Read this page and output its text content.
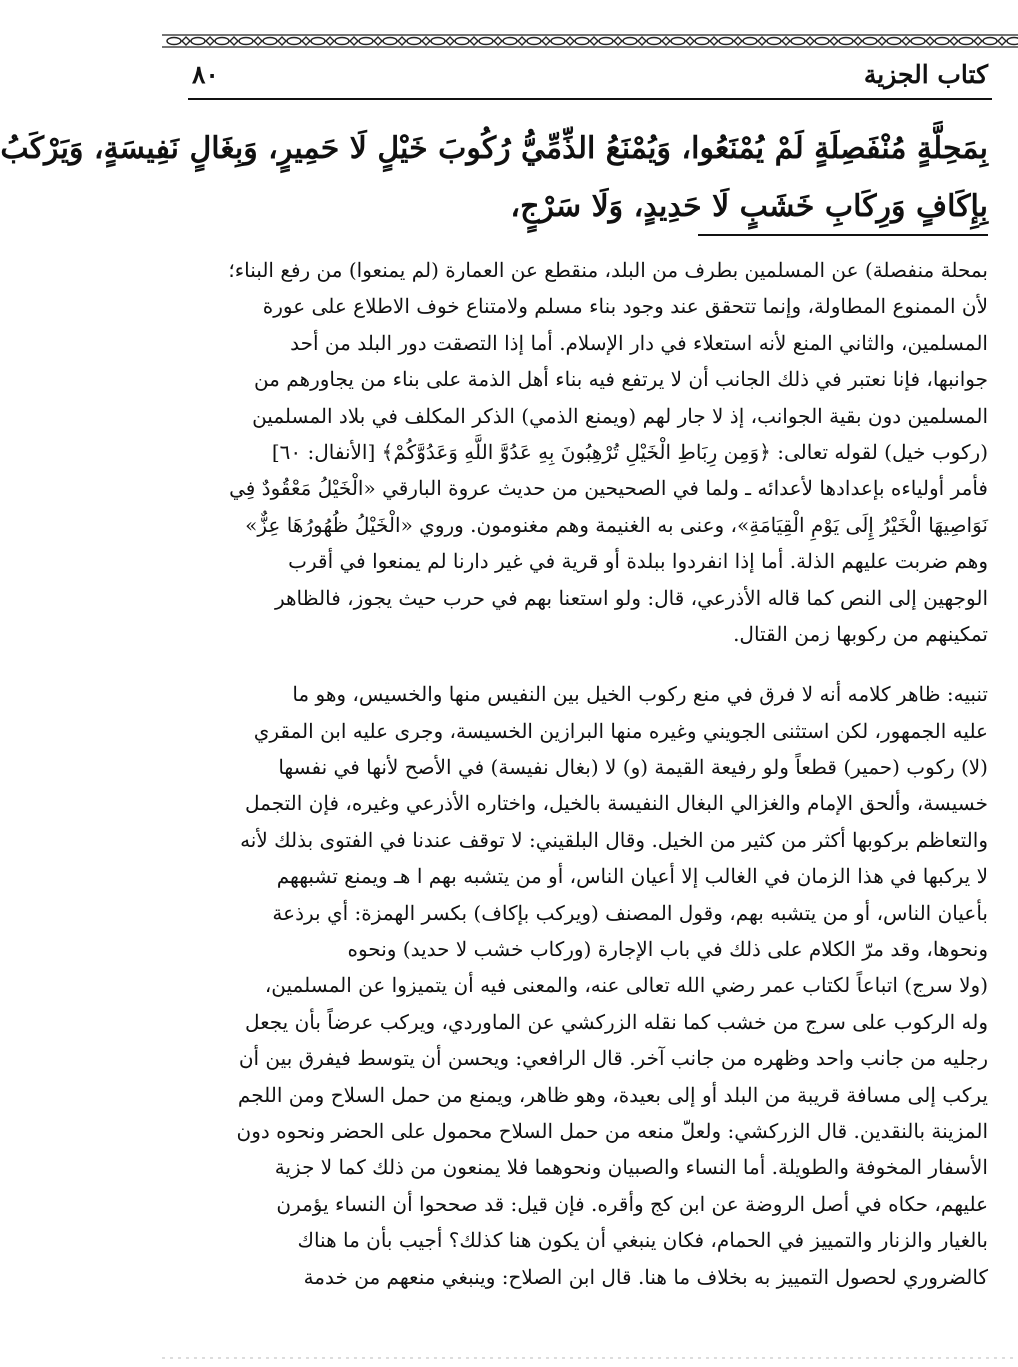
٨٠	كتاب الجزية
بِمَحِلَّةٍ مُنْفَصِلَةٍ لَمْ يُمْنَعُوا، وَيُمْنَعُ الذِّمِّيُّ رُكُوبَ خَيْلٍ لَا حَمِيرٍ، وَبِغَالٍ نَفِيسَةٍ، وَيَرْكَبُ
بِإِكَافٍ وَرِكَابِ خَشَبٍ لَا حَدِيدٍ، وَلَا سَرْجٍ،
بمحلة منفصلة) عن المسلمين بطرف من البلد، منقطع عن العمارة (لم يمنعوا) من رفع البناء؛
لأن الممنوع المطاولة، وإنما تتحقق عند وجود بناء مسلم ولامتناع خوف الاطلاع على عورة
المسلمين، والثاني المنع لأنه استعلاء في دار الإسلام. أما إذا التصقت دور البلد من أحد
جوانبها، فإنا نعتبر في ذلك الجانب أن لا يرتفع فيه بناء أهل الذمة على بناء من يجاورهم من
المسلمين دون بقية الجوانب، إذ لا جار لهم (ويمنع الذمي) الذكر المكلف في بلاد المسلمين
(ركوب خيل) لقوله تعالى: ﴿وَمِن رِبَاطِ الْخَيْلِ تُرْهِبُونَ بِهِ عَدُوَّ اللَّهِ وَعَدُوَّكُمْ﴾ [الأنفال: ٦٠]
فأمر أولياءه بإعدادها لأعدائه ـ ولما في الصحيحين من حديث عروة البارقي «الْخَيْلُ مَعْقُودٌ فِي
نَوَاصِيهَا الْخَيْرُ إِلَى يَوْمِ الْقِيَامَةِ»، وعنى به الغنيمة وهم مغنومون. وروي «الْخَيْلُ ظُهُورُهَا عِزٌّ»
وهم ضربت عليهم الذلة. أما إذا انفردوا ببلدة أو قرية في غير دارنا لم يمنعوا في أقرب
الوجهين إلى النص كما قاله الأذرعي، قال: ولو استعنا بهم في حرب حيث يجوز، فالظاهر
تمكينهم من ركوبها زمن القتال.
تنبيه: ظاهر كلامه أنه لا فرق في منع ركوب الخيل بين النفيس منها والخسيس، وهو ما
عليه الجمهور، لكن استثنى الجويني وغيره منها البرازين الخسيسة، وجرى عليه ابن المقري
(لا) ركوب (حمير) قطعاً ولو رفيعة القيمة (و) لا (بغال نفيسة) في الأصح لأنها في نفسها
خسيسة، وألحق الإمام والغزالي البغال النفيسة بالخيل، واختاره الأذرعي وغيره، فإن التجمل
والتعاظم بركوبها أكثر من كثير من الخيل. وقال البلقيني: لا توقف عندنا في الفتوى بذلك لأنه
لا يركبها في هذا الزمان في الغالب إلا أعيان الناس، أو من يتشبه بهم ا هـ ويمنع تشبههم
بأعيان الناس، أو من يتشبه بهم، وقول المصنف (ويركب بإكاف) بكسر الهمزة: أي برذعة
ونحوها، وقد مرّ الكلام على ذلك في باب الإجارة (وركاب خشب لا حديد) ونحوه
(ولا سرج) اتباعاً لكتاب عمر رضي الله تعالى عنه، والمعنى فيه أن يتميزوا عن المسلمين،
وله الركوب على سرج من خشب كما نقله الزركشي عن الماوردي، ويركب عرضاً بأن يجعل
رجليه من جانب واحد وظهره من جانب آخر. قال الرافعي: ويحسن أن يتوسط فيفرق بين أن
يركب إلى مسافة قريبة من البلد أو إلى بعيدة، وهو ظاهر، ويمنع من حمل السلاح ومن اللجم
المزينة بالنقدين. قال الزركشي: ولعلّ منعه من حمل السلاح محمول على الحضر ونحوه دون
الأسفار المخوفة والطويلة. أما النساء والصبيان ونحوهما فلا يمنعون من ذلك كما لا جزية
عليهم، حكاه في أصل الروضة عن ابن كج وأقره. فإن قيل: قد صححوا أن النساء يؤمرن
بالغيار والزنار والتمييز في الحمام، فكان ينبغي أن يكون هنا كذلك؟ أجيب بأن ما هناك
كالضروري لحصول التمييز به بخلاف ما هنا. قال ابن الصلاح: وينبغي منعهم من خدمة
